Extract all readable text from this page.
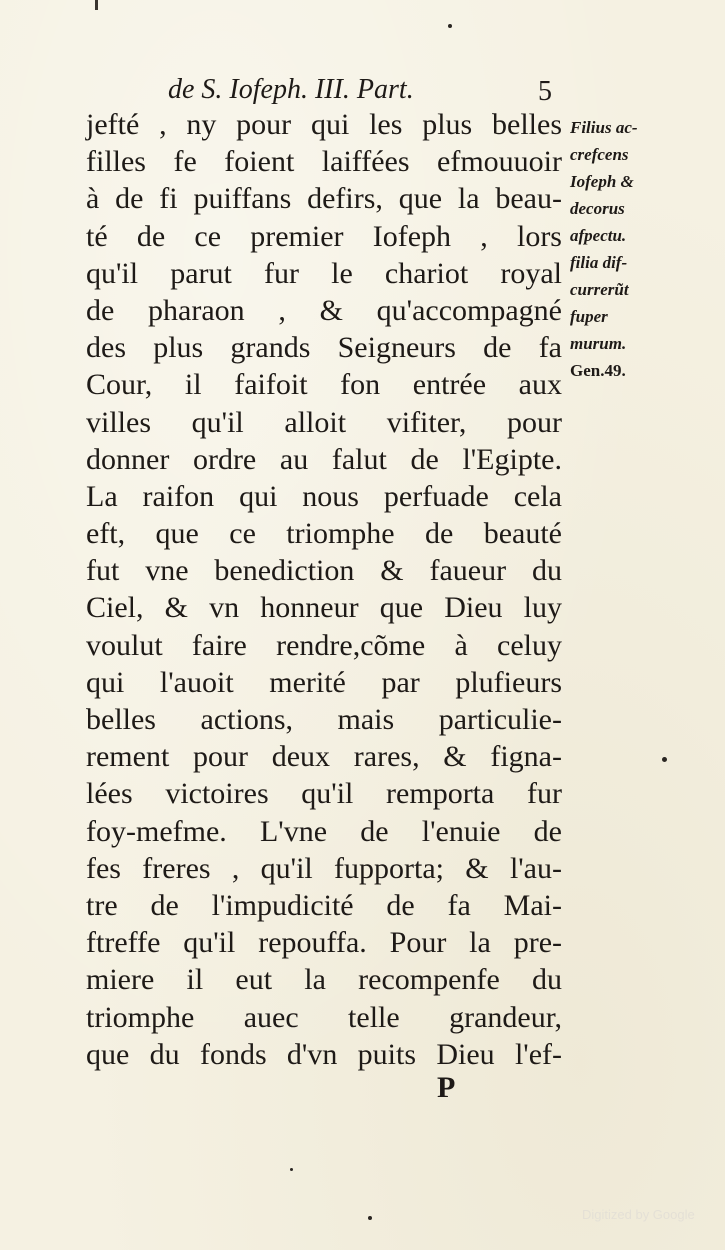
de S. Iofeph. III. Part.	5
jefté , ny pour qui les plus belles
filles fe foient laiffées efmouuoir
à de fi puiffans defirs, que la beau-
té de ce premier Iofeph , lors
qu'il parut fur le chariot royal
de pharaon , & qu'accompagné
des plus grands Seigneurs de fa
Cour, il faifoit fon entrée aux
villes qu'il alloit vifiter, pour
donner ordre au falut de l'Egipte.
La raifon qui nous perfuade cela
eft, que ce triomphe de beauté
fut vne benediction & faueur du
Ciel, & vn honneur que Dieu luy
voulut faire rendre,cõme à celuy
qui l'auoit merité par plufieurs
belles actions, mais particulie-
rement pour deux rares, & figna-
lées victoires qu'il remporta fur
foy-mefme. L'vne de l'enuie de
fes freres , qu'il fupporta; & l'au-
tre de l'impudicité de fa Mai-
ftreffe qu'il repouffa. Pour la pre-
miere il eut la recompenfe du
triomphe auec telle grandeur,
que du fonds d'vn puits Dieu l'ef-
Filius ac-
crefcens
Iofeph &
decorus
afpectu.
filia dif-
currerũt
fuper
murum.
Gen.49.
P
Digitized by Google
